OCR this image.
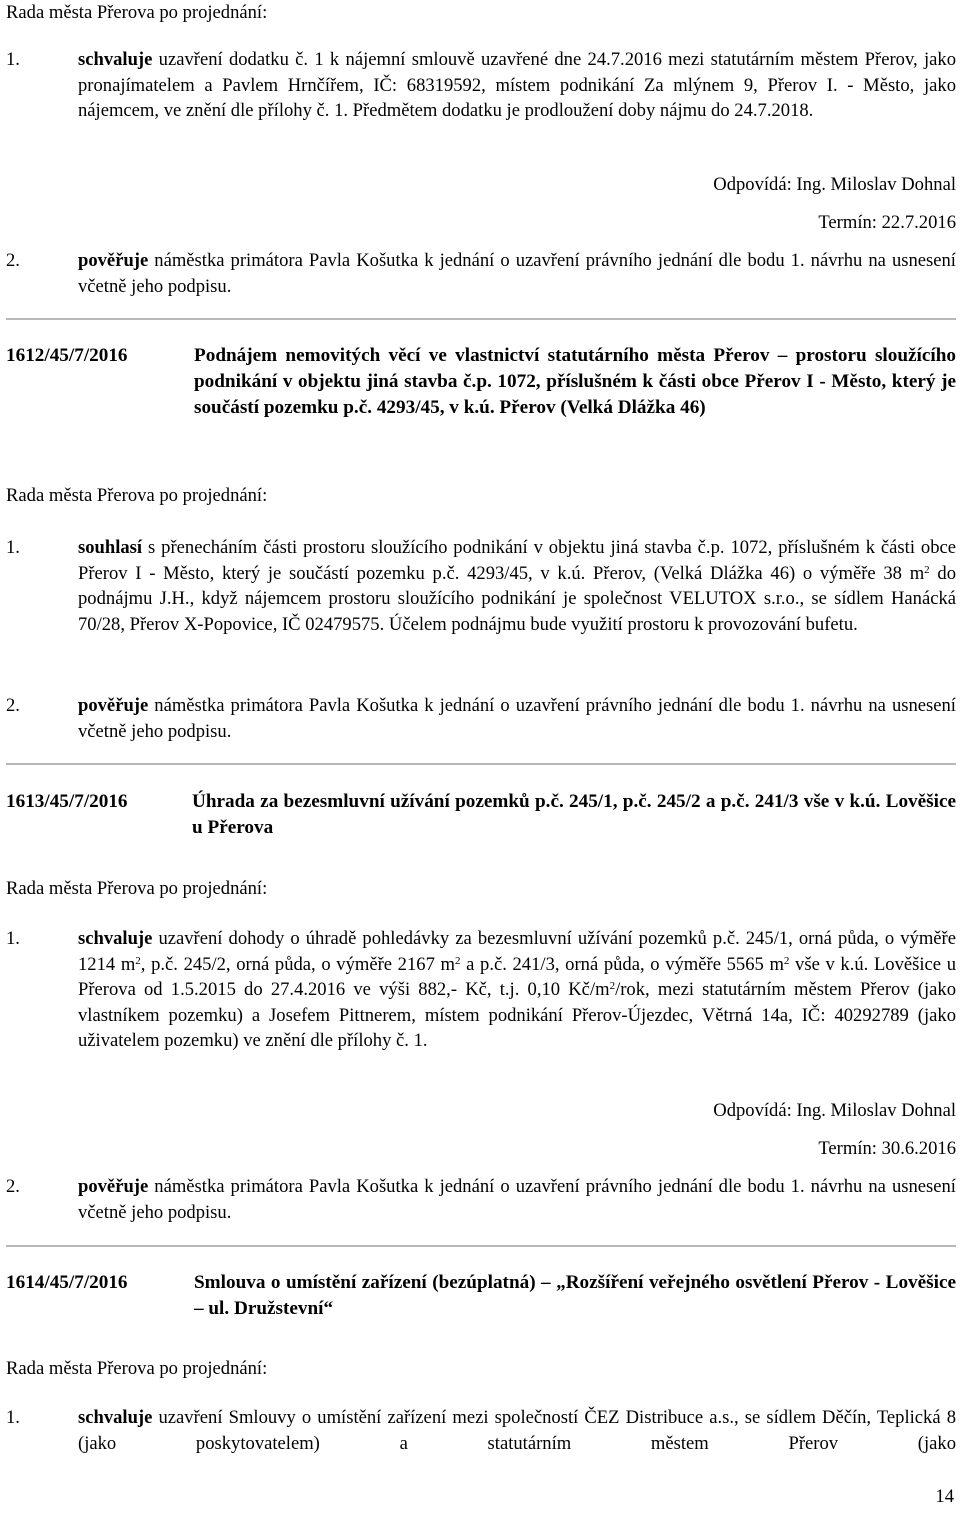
Rada města Přerova po projednání:
1.	schvaluje uzavření dodatku č. 1 k nájemní smlouvě uzavřené dne 24.7.2016 mezi statutárním městem Přerov, jako pronajímatelem a Pavlem Hrnčířem, IČ: 68319592, místem podnikání Za mlýnem 9, Přerov I. - Město, jako nájemcem, ve znění dle přílohy č. 1. Předmětem dodatku je prodloužení doby nájmu do 24.7.2018.
Odpovídá: Ing. Miloslav Dohnal
Termín: 22.7.2016
2.	pověřuje náměstka primátora Pavla Košutka k jednání o uzavření právního jednání dle bodu 1. návrhu na usnesení včetně jeho podpisu.
1612/45/7/2016	Podnájem nemovitých věcí ve vlastnictví statutárního města Přerov – prostoru sloužícího podnikání v objektu jiná stavba č.p. 1072, příslušném k části obce Přerov I - Město, který je součástí pozemku p.č. 4293/45, v k.ú. Přerov (Velká Dlážka 46)
Rada města Přerova po projednání:
1.	souhlasí s přenecháním části prostoru sloužícího podnikání v objektu jiná stavba č.p. 1072, příslušném k části obce Přerov I - Město, který je součástí pozemku p.č. 4293/45, v k.ú. Přerov, (Velká Dlážka 46) o výměře 38 $m^2$ do podnájmu J.H., když nájemcem prostoru sloužícího podnikání je společnost VELUTOX s.r.o., se sídlem Hanácká 70/28, Přerov X-Popovice, IČ 02479575. Účelem podnájmu bude využití prostoru k provozování bufetu.
2.	pověřuje náměstka primátora Pavla Košutka k jednání o uzavření právního jednání dle bodu 1. návrhu na usnesení včetně jeho podpisu.
1613/45/7/2016	Úhrada za bezesmluvní užívání pozemků p.č. 245/1, p.č. 245/2 a p.č. 241/3 vše v k.ú. Lověšice u Přerova
Rada města Přerova po projednání:
1.	schvaluje uzavření dohody o úhradě pohledávky za bezesmluvní užívání pozemků p.č. 245/1, orná půda, o výměře 1214 $m^2$, p.č. 245/2, orná půda, o výměře 2167 $m^2$ a p.č. 241/3, orná půda, o výměře 5565 $m^2$ vše v k.ú. Lověšice u Přerova od 1.5.2015 do 27.4.2016 ve výši 882,- Kč, t.j. 0,10 $Kč/m^2$/rok, mezi statutárním městem Přerov (jako vlastníkem pozemku) a Josefem Pittnerem, místem podnikání Přerov-Újezdec, Větrná 14a, IČ: 40292789 (jako uživatelem pozemku) ve znění dle přílohy č. 1.
Odpovídá: Ing. Miloslav Dohnal
Termín: 30.6.2016
2.	pověřuje náměstka primátora Pavla Košutka k jednání o uzavření právního jednání dle bodu 1. návrhu na usnesení včetně jeho podpisu.
1614/45/7/2016	Smlouva o umístění zařízení (bezúplatná) – „Rozšíření veřejného osvětlení Přerov - Lověšice – ul. Družstevní“
Rada města Přerova po projednání:
1.	schvaluje uzavření Smlouvy o umístění zařízení mezi společností ČEZ Distribuce a.s., se sídlem Děčín, Teplická 8 (jako poskytovatelem) a statutárním městem Přerov (jako
14
